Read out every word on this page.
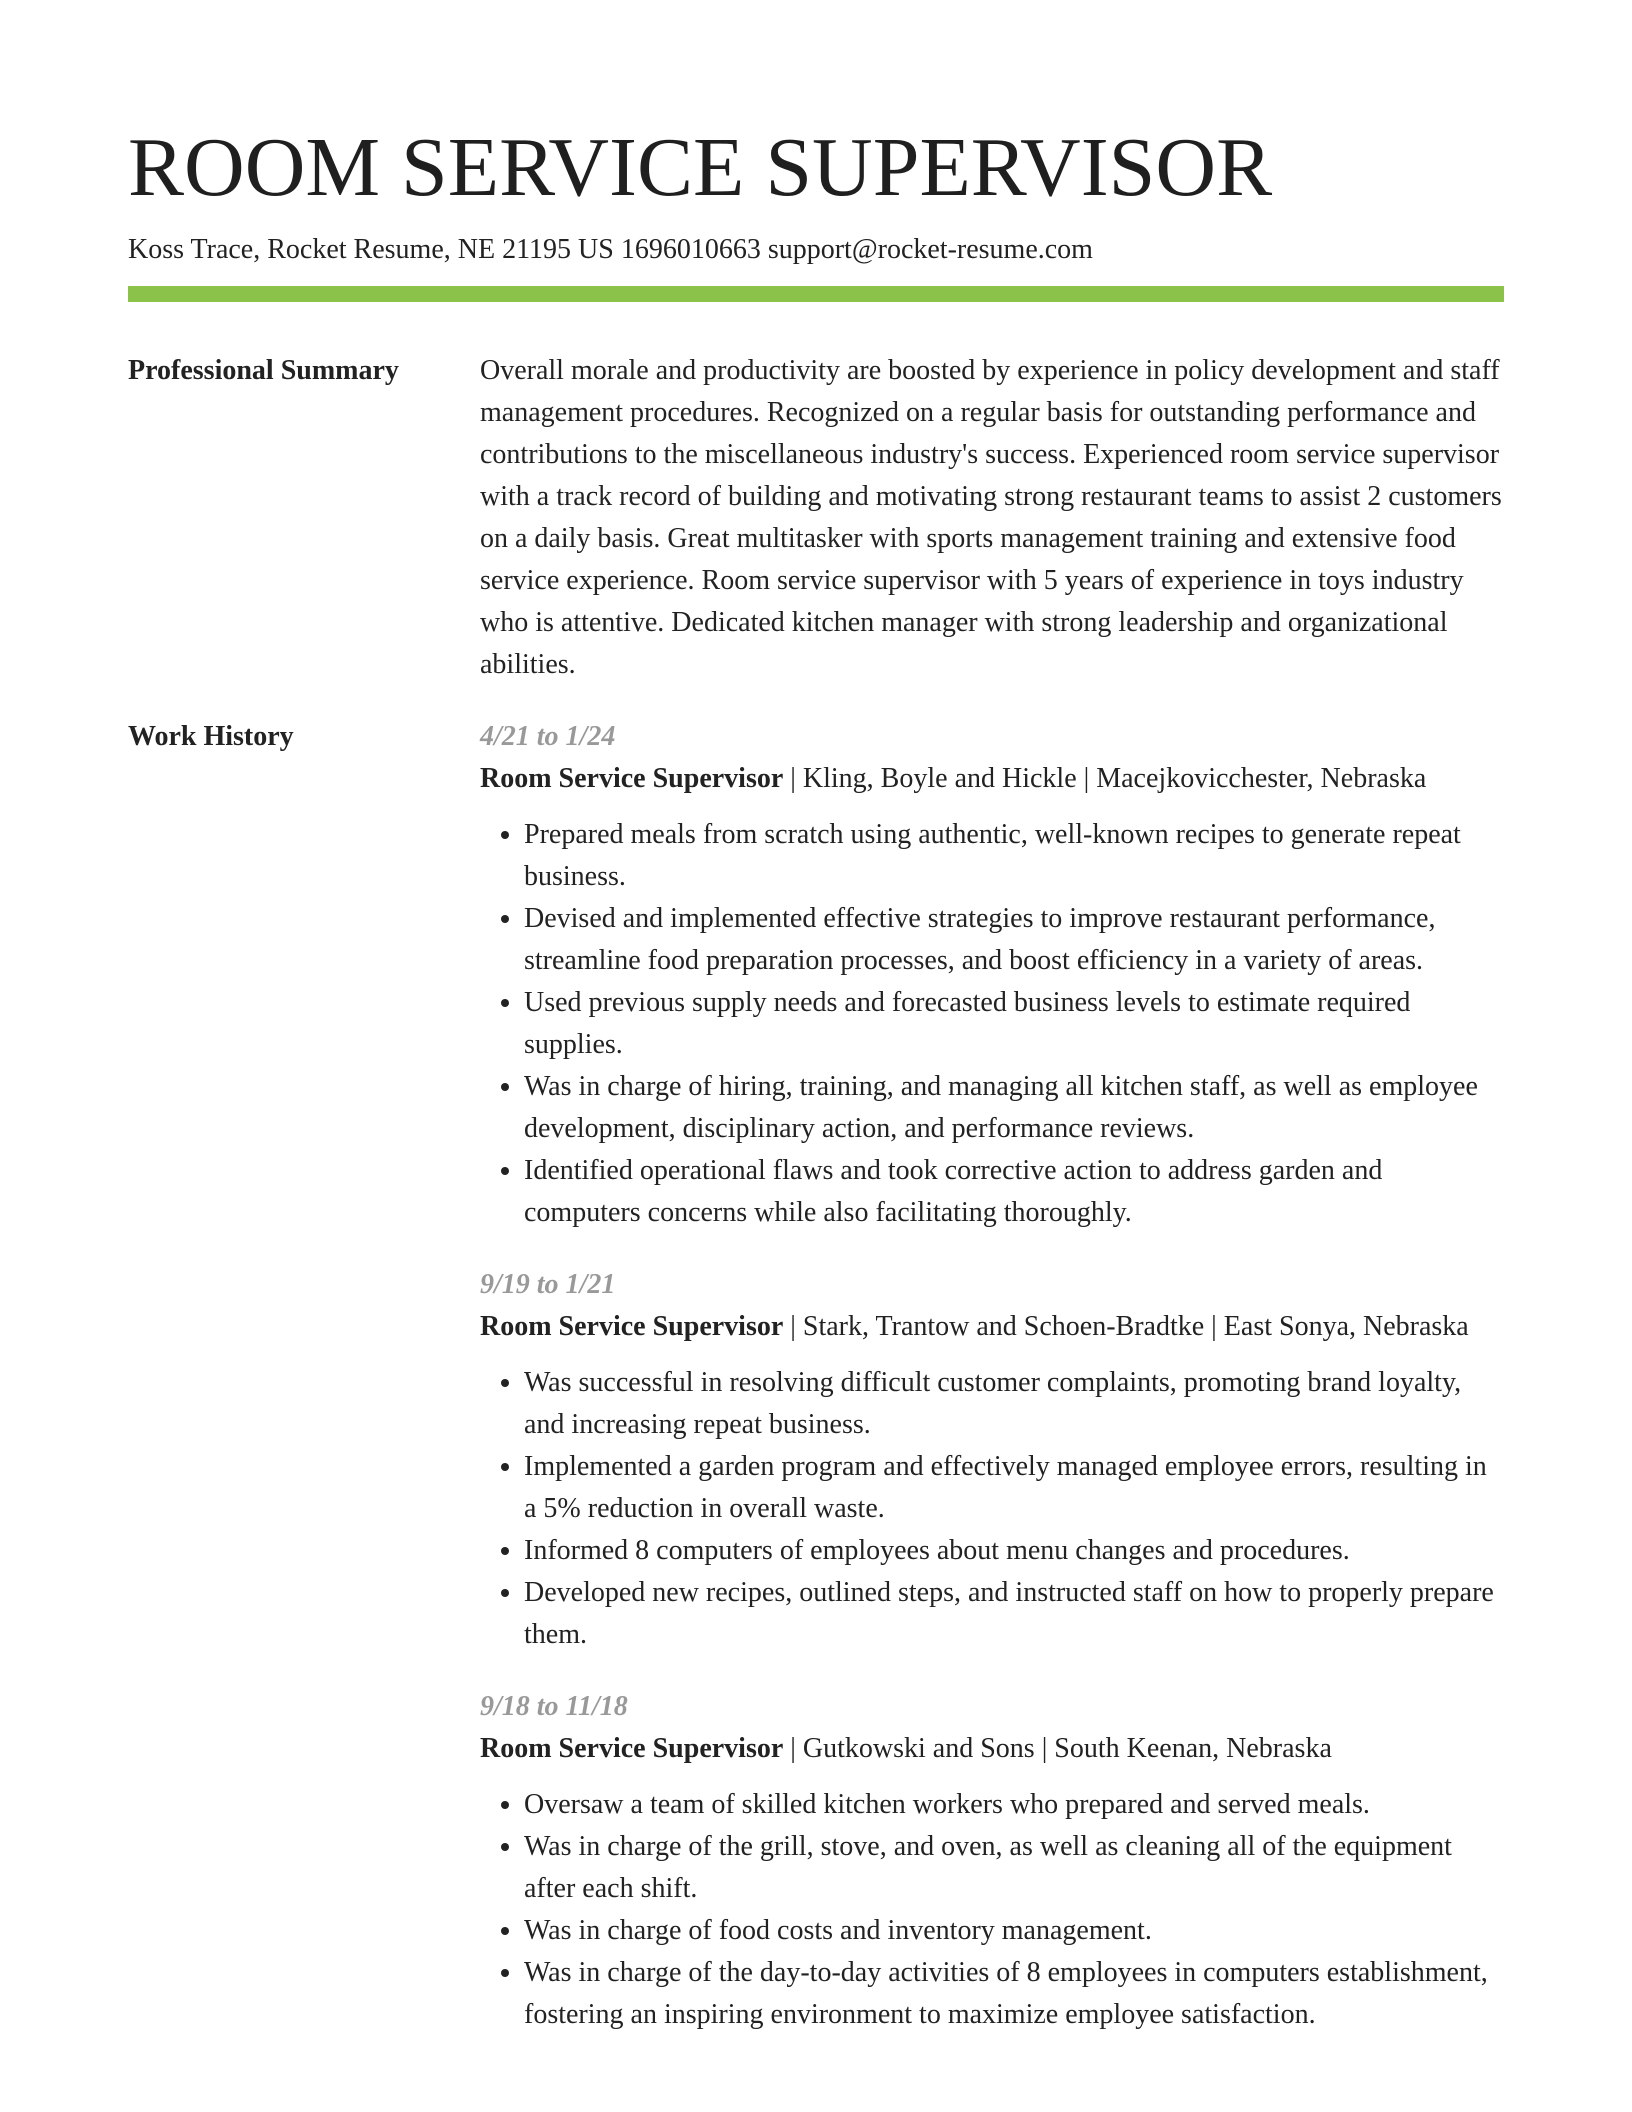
ROOM SERVICE SUPERVISOR
Koss Trace, Rocket Resume, NE 21195 US 1696010663 support@rocket-resume.com
Professional Summary	Overall morale and productivity are boosted by experience in policy development and staff management procedures. Recognized on a regular basis for outstanding performance and contributions to the miscellaneous industry's success. Experienced room service supervisor with a track record of building and motivating strong restaurant teams to assist 2 customers on a daily basis. Great multitasker with sports management training and extensive food service experience. Room service supervisor with 5 years of experience in toys industry who is attentive. Dedicated kitchen manager with strong leadership and organizational abilities.

Work History	4/21 to 1/24
Room Service Supervisor | Kling, Boyle and Hickle | Macejkovicchester, Nebraska
• Prepared meals from scratch using authentic, well-known recipes to generate repeat business.
• Devised and implemented effective strategies to improve restaurant performance, streamline food preparation processes, and boost efficiency in a variety of areas.
• Used previous supply needs and forecasted business levels to estimate required supplies.
• Was in charge of hiring, training, and managing all kitchen staff, as well as employee development, disciplinary action, and performance reviews.
• Identified operational flaws and took corrective action to address garden and computers concerns while also facilitating thoroughly.
9/19 to 1/21
Room Service Supervisor | Stark, Trantow and Schoen-Bradtke | East Sonya, Nebraska
• Was successful in resolving difficult customer complaints, promoting brand loyalty, and increasing repeat business.
• Implemented a garden program and effectively managed employee errors, resulting in a 5% reduction in overall waste.
• Informed 8 computers of employees about menu changes and procedures.
• Developed new recipes, outlined steps, and instructed staff on how to properly prepare them.
9/18 to 11/18
Room Service Supervisor | Gutkowski and Sons | South Keenan, Nebraska
• Oversaw a team of skilled kitchen workers who prepared and served meals.
• Was in charge of the grill, stove, and oven, as well as cleaning all of the equipment after each shift.
• Was in charge of food costs and inventory management.
• Was in charge of the day-to-day activities of 8 employees in computers establishment, fostering an inspiring environment to maximize employee satisfaction.
